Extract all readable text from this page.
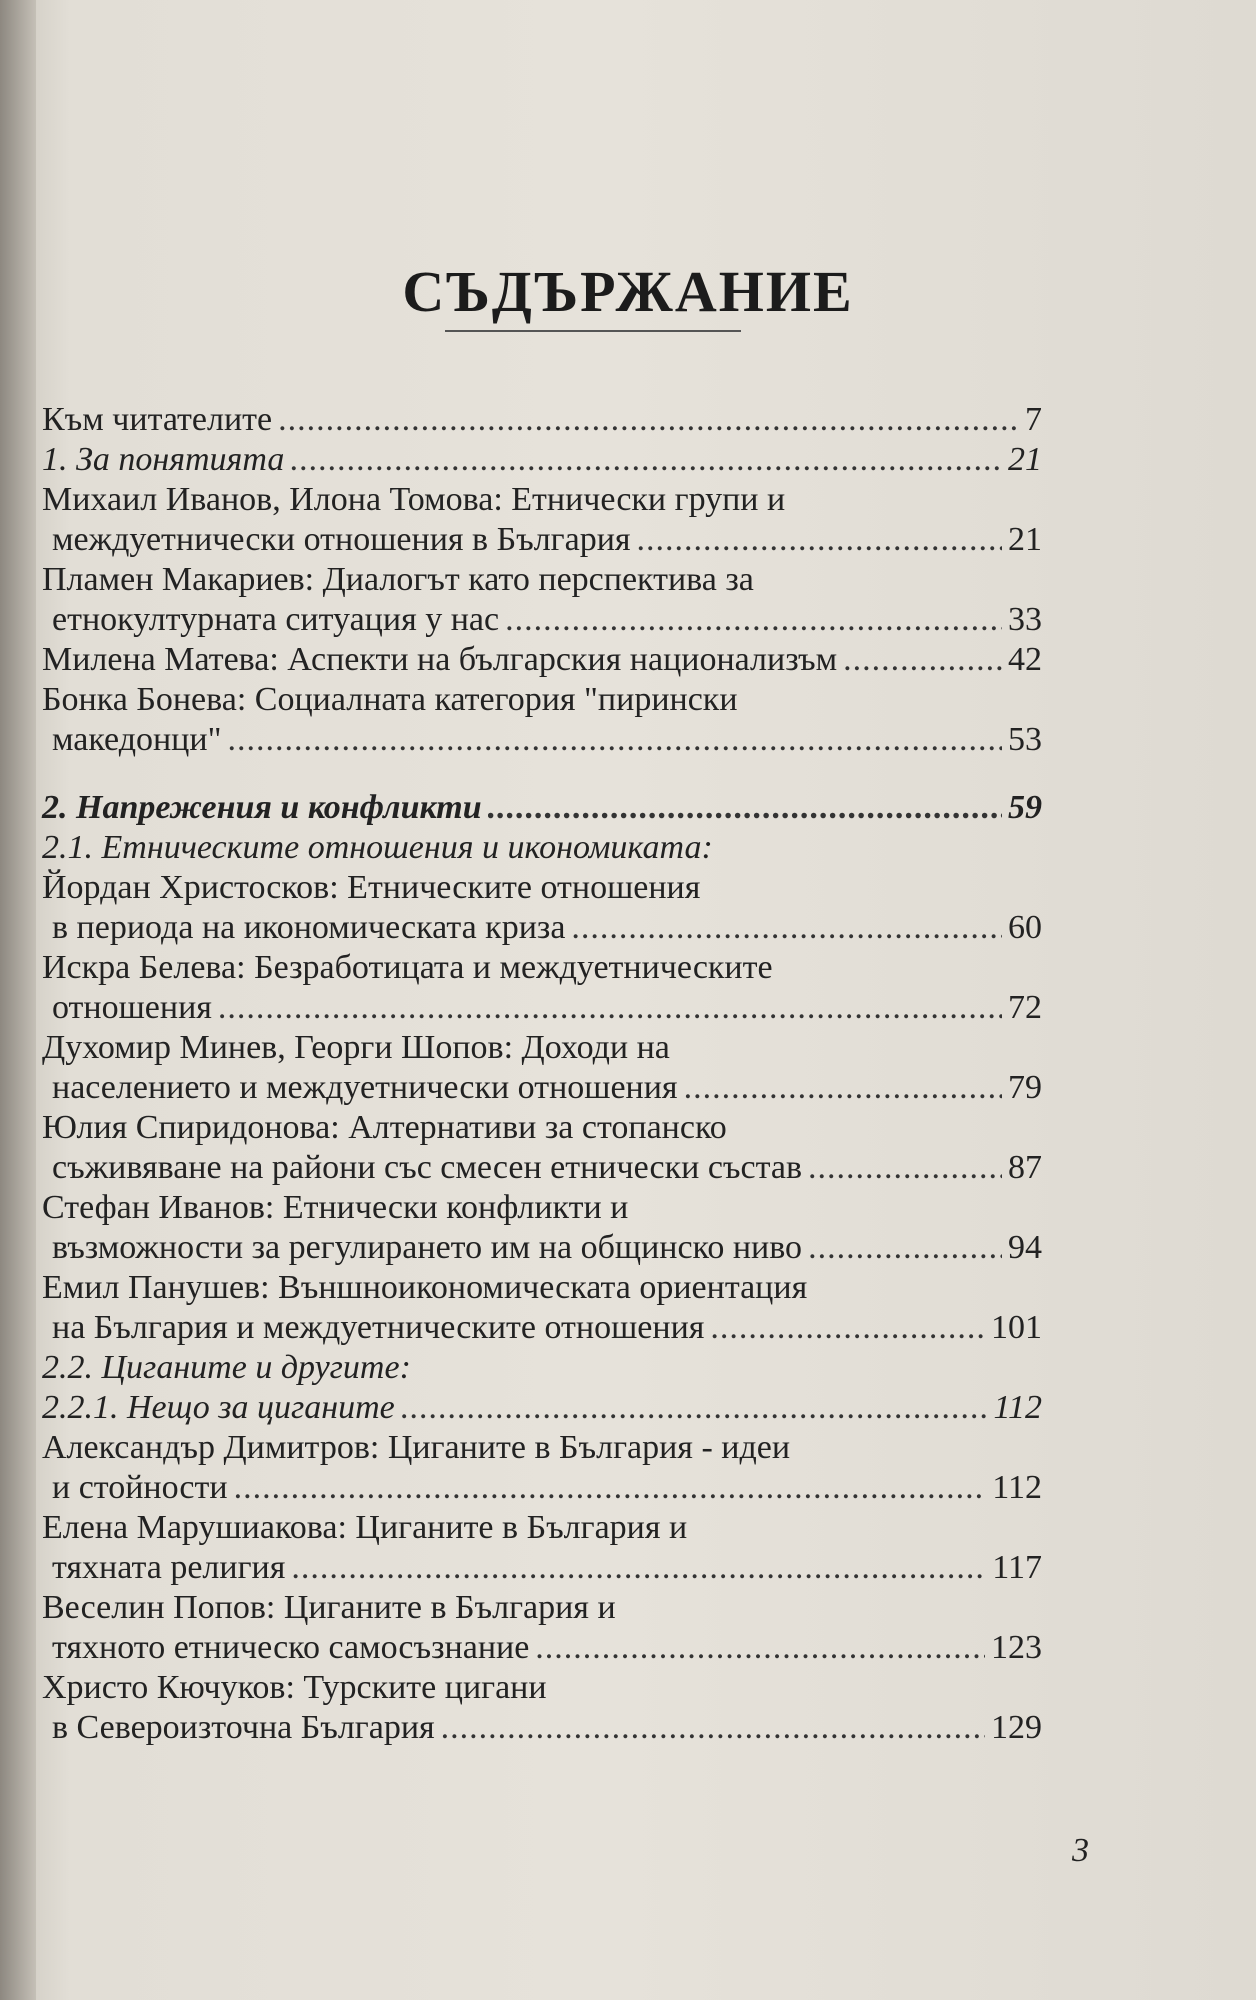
СЪДЪРЖАНИЕ
Към читателите .....	7
1. За понятията .....	21
Михаил Иванов, Илона Томова: Етнически групи и
междуетнически отношения в България .....	21
Пламен Макариев: Диалогът като перспектива за
етнокултурната ситуация у нас .....	33
Милена Матева: Аспекти на българския национализъм .....	42
Бонка Бонева: Социалната категория "пирински
македонци" .....	53
2. Напрежения и конфликти .....	59
2.1. Етническите отношения и икономиката:
Йордан Христосков: Етническите отношения
в периода на икономическата криза .....	60
Искра Белева: Безработицата и междуетническите
отношения .....	72
Духомир Минев, Георги Шопов: Доходи на
населението и междуетнически отношения .....	79
Юлия Спиридонова: Алтернативи за стопанско
съживяване на райони със смесен етнически състав .....	87
Стефан Иванов: Етнически конфликти и
възможности за регулирането им на общинско ниво .....	94
Емил Панушев: Външноикономическата ориентация
на България и междуетническите отношения .....	101
2.2. Циганите и другите:
2.2.1. Нещо за циганите .....	112
Александър Димитров: Циганите в България - идеи
и стойности .....	112
Елена Марушиакова: Циганите в България и
тяхната религия .....	117
Веселин Попов: Циганите в България и
тяхното етническо самосъзнание .....	123
Христо Кючуков: Турските цигани
в Североизточна България .....	129
3
